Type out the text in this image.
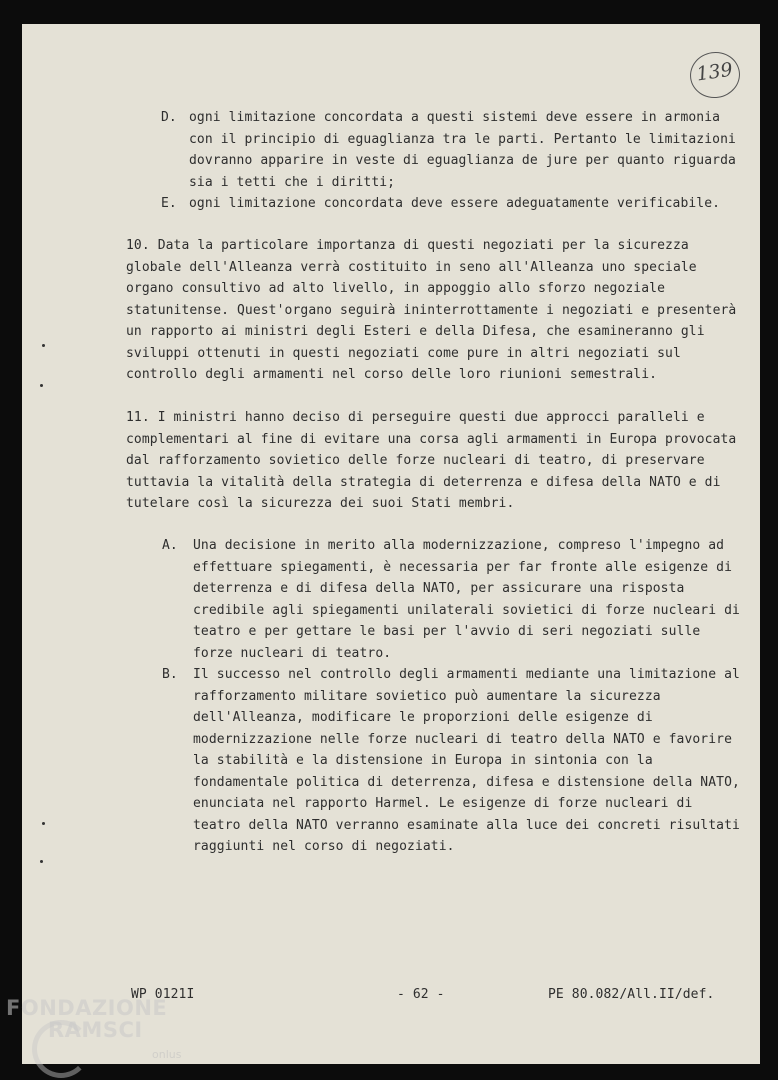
139
D. ogni limitazione concordata a questi sistemi deve essere in armonia
con il principio di eguaglianza tra le parti. Pertanto le limitazioni
dovranno apparire in veste di eguaglianza de jure per quanto riguarda
sia i tetti che i diritti;
E. ogni limitazione concordata deve essere adeguatamente verificabile.
10. Data la particolare importanza di questi negoziati per la sicurezza
globale dell'Alleanza verrà costituito in seno all'Alleanza uno speciale
organo consultivo ad alto livello, in appoggio allo sforzo negoziale
statunitense. Quest'organo seguirà ininterrottamente i negoziati e presenterà
un rapporto ai ministri degli Esteri e della Difesa, che esamineranno gli
sviluppi ottenuti in questi negoziati come pure in altri negoziati sul
controllo degli armamenti nel corso delle loro riunioni semestrali.
11. I ministri hanno deciso di perseguire questi due approcci paralleli e
complementari al fine di evitare una corsa agli armamenti in Europa provocata
dal rafforzamento sovietico delle forze nucleari di teatro, di preservare
tuttavia la vitalità della strategia di deterrenza e difesa della NATO e di
tutelare così la sicurezza dei suoi Stati membri.
A. Una decisione in merito alla modernizzazione, compreso l'impegno ad
effettuare spiegamenti, è necessaria per far fronte alle esigenze di
deterrenza e di difesa della NATO, per assicurare una risposta
credibile agli spiegamenti unilaterali sovietici di forze nucleari di
teatro e per gettare le basi per l'avvio di seri negoziati sulle
forze nucleari di teatro.
B. Il successo nel controllo degli armamenti mediante una limitazione al
rafforzamento militare sovietico può aumentare la sicurezza
dell'Alleanza, modificare le proporzioni delle esigenze di
modernizzazione nelle forze nucleari di teatro della NATO e favorire
la stabilità e la distensione in Europa in sintonia con la
fondamentale politica di deterrenza, difesa e distensione della NATO,
enunciata nel rapporto Harmel. Le esigenze di forze nucleari di
teatro della NATO verranno esaminate alla luce dei concreti risultati
raggiunti nel corso di negoziati.
WP 0121I	- 62 -	PE 80.082/All.II/def.
FONDAZIONE
RAMSCI
onlus
